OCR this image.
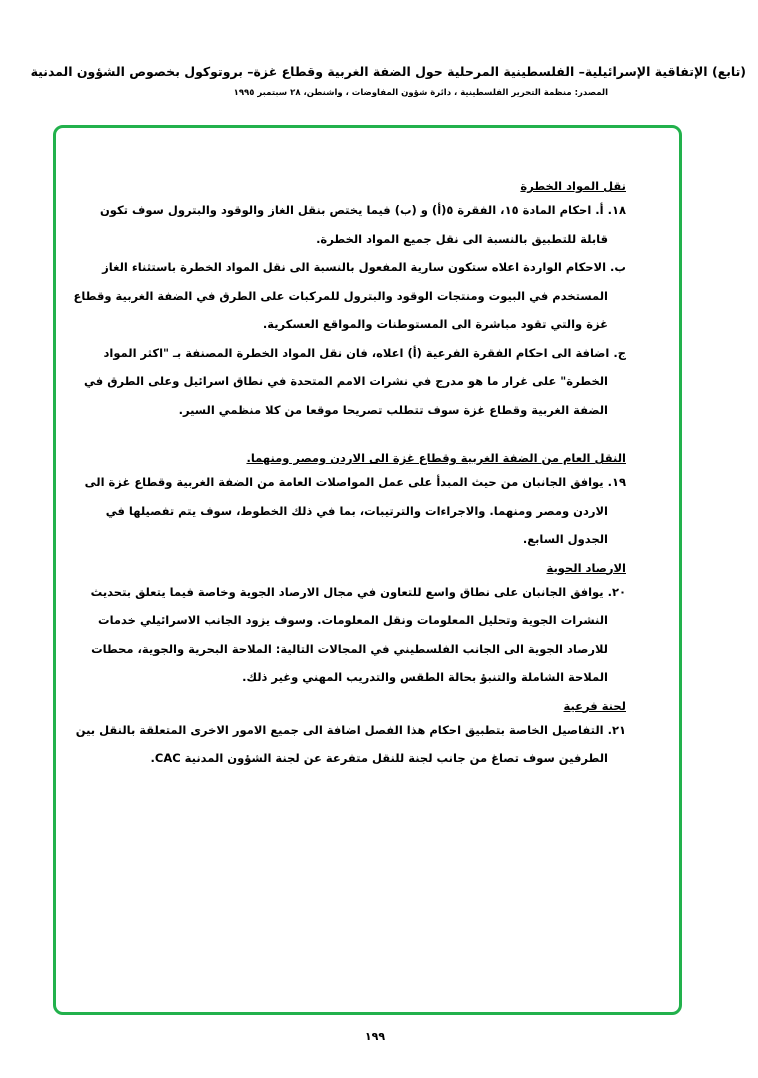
(تابع) الإتفاقية الإسرائيلية– الفلسطينية المرحلية حول الضفة الغربية وقطاع غزة– بروتوكول بخصوص الشؤون المدنية
المصدر: منظمة التحرير الفلسطينية ، دائرة شؤون المفاوضات ، واشنطن، ٢٨ سبتمبر ١٩٩٥
نقل المواد الخطرة
١٨. أ. احكام المادة ١٥، الفقرة ٥(أ) و (ب) فيما يختص بنقل الغاز والوقود والبترول سوف تكون
قابلة للتطبيق بالنسبة الى نقل جميع المواد الخطرة.
ب. الاحكام الواردة اعلاه ستكون سارية المفعول بالنسبة الى نقل المواد الخطرة باستثناء الغاز
المستخدم في البيوت ومنتجات الوقود والبترول للمركبات على الطرق في الضفة الغربية وقطاع
غزة والتي تقود مباشرة الى المستوطنات والمواقع العسكرية.
ج. اضافة الى احكام الفقرة الفرعية (أ) اعلاه، فان نقل المواد الخطرة المصنفة بـ "اكثر المواد
الخطرة" على غرار ما هو مدرج في نشرات الامم المتحدة في نطاق اسرائيل وعلى الطرق في
الضفة الغربية وقطاع غزة سوف تتطلب تصريحا موقعا من كلا منظمي السير.
النقل العام من الضفة الغربية وقطاع غزة الى الاردن ومصر ومنهما.
١٩. يوافق الجانبان من حيث المبدأ على عمل المواصلات العامة من الضفة الغربية وقطاع غزة الى
الاردن ومصر ومنهما. والاجراءات والترتيبات، بما في ذلك الخطوط، سوف يتم تفصيلها في
الجدول السابع.
الارصاد الجوية
٢٠. يوافق الجانبان على نطاق واسع للتعاون في مجال الارصاد الجوية وخاصة فيما يتعلق بتحديث
النشرات الجوية وتحليل المعلومات ونقل المعلومات. وسوف يزود الجانب الاسرائيلي خدمات
للارصاد الجوية الى الجانب الفلسطيني في المجالات التالية: الملاحة البحرية والجوية، محطات
الملاحة الشاملة والتنبؤ بحالة الطقس والتدريب المهني وغير ذلك.
لجنة فرعية
٢١. التفاصيل الخاصة بتطبيق احكام هذا الفصل اضافة الى جميع الامور الاخرى المتعلقة بالنقل بين
الطرفين سوف تصاغ من جانب لجنة للنقل متفرعة عن لجنة الشؤون المدنية CAC.
١٩٩
